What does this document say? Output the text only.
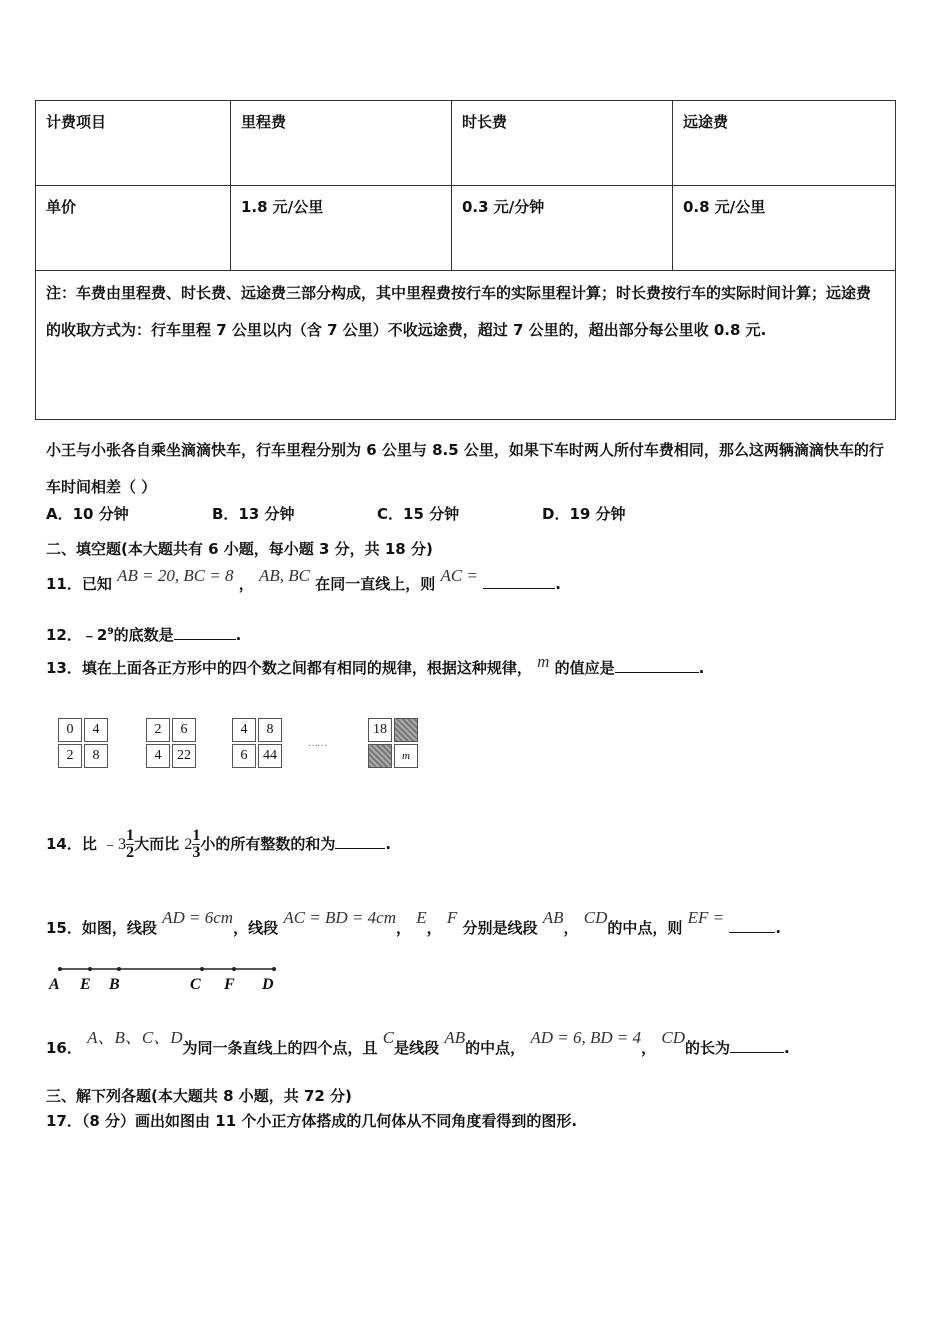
计费项目	里程费	时长费	远途费
单价	1.8 元/公里	0.3 元/分钟	0.8 元/公里
注：车费由里程费、时长费、远途费三部分构成，其中里程费按行车的实际里程计算；时长费按行车的实际时间计算；远途费的收取方式为：行车里程 7 公里以内（含 7 公里）不收远途费，超过 7 公里的，超出部分每公里收 0.8 元.			
小王与小张各自乘坐滴滴快车，行车里程分别为 6 公里与 8.5 公里，如果下车时两人所付车费相同，那么这两辆滴滴快车的行车时间相差（ ）
A．10 分钟	B．13 分钟	C．15 分钟	D．19 分钟
二、填空题(本大题共有 6 小题，每小题 3 分，共 18 分)
11．已知 AB = 20, BC = 8 ， AB, BC 在同一直线上，则 AC =	.
12．$﹣2^9$的底数是	.
13．填在上面各正方形中的四个数之间都有相同的规律，根据这种规律， m 的值应是	.
0	4
2	8
2	6
4	22
4	8
6	44
……
18
m
14．比 ﹣3 $\frac{1}{2}$ 大而比 $2 \frac{1}{3}$ 小的所有整数的和为	.
15．如图，线段 AD = 6cm，线段 AC = BD = 4cm， E， F 分别是线段 AB， CD的中点，则 EF = .
A E B	C F D
16． A、B、C、D为同一条直线上的四个点，且 C是线段 AB的中点， AD = 6, BD = 4， CD的长为	.
三、解下列各题(本大题共 8 小题，共 72 分)
17．（8 分）画出如图由 11 个小正方体搭成的几何体从不同角度看得到的图形.
